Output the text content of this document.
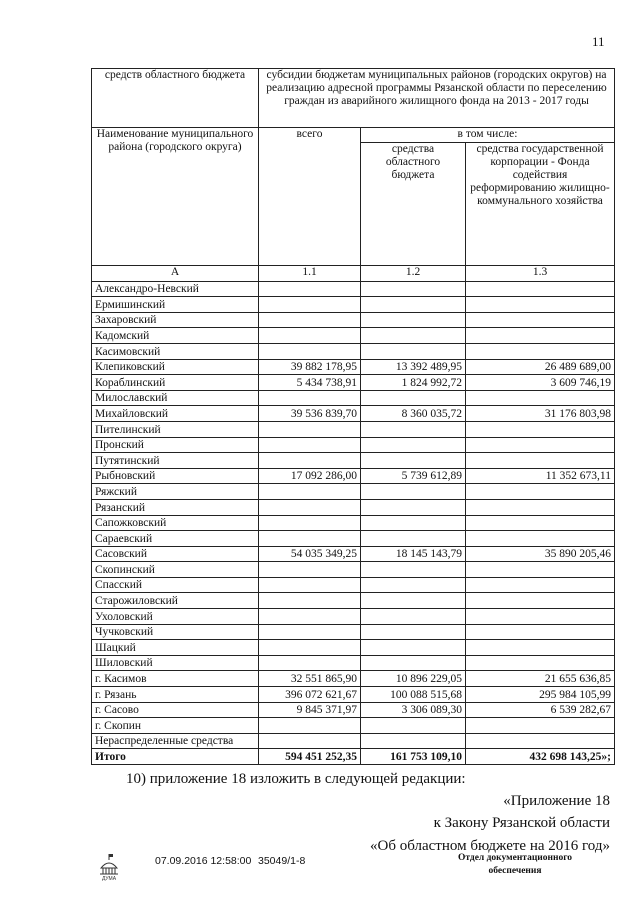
11
средств областного бюджета	субсидии бюджетам муниципальных районов (городских округов) на реализацию адресной программы Рязанской области по переселению граждан из аварийного жилищного фонда на 2013 - 2017 годы		
Наименование муниципального района (городского округа)	всего	в том числе:	
		средства областного бюджета	средства государственной корпорации - Фонда содействия реформированию жилищно-коммунального хозяйства
А	1.1	1.2	1.3
Александро-Невский			
Ермишинский			
Захаровский			
Кадомский			
Касимовский			
Клепиковский	39 882 178,95	13 392 489,95	26 489 689,00
Кораблинский	5 434 738,91	1 824 992,72	3 609 746,19
Милославский			
Михайловский	39 536 839,70	8 360 035,72	31 176 803,98
Пителинский			
Пронский			
Путятинский			
Рыбновский	17 092 286,00	5 739 612,89	11 352 673,11
Ряжский			
Рязанский			
Сапожковский			
Сараевский			
Сасовский	54 035 349,25	18 145 143,79	35 890 205,46
Скопинский			
Спасский			
Старожиловский			
Ухоловский			
Чучковский			
Шацкий			
Шиловский			
г. Касимов	32 551 865,90	10 896 229,05	21 655 636,85
г. Рязань	396 072 621,67	100 088 515,68	295 984 105,99
г. Сасово	9 845 371,97	3 306 089,30	6 539 282,67
г. Скопин			
Нераспределенные средства			
Итого	594 451 252,35	161 753 109,10	432 698 143,25»;
10) приложение 18 изложить в следующей редакции:
«Приложение 18
к Закону Рязанской области
«Об областном бюджете на 2016 год»
ДУМА
07.09.2016 12:58:00 35049/1-8	Отдел документационного обеспечения
